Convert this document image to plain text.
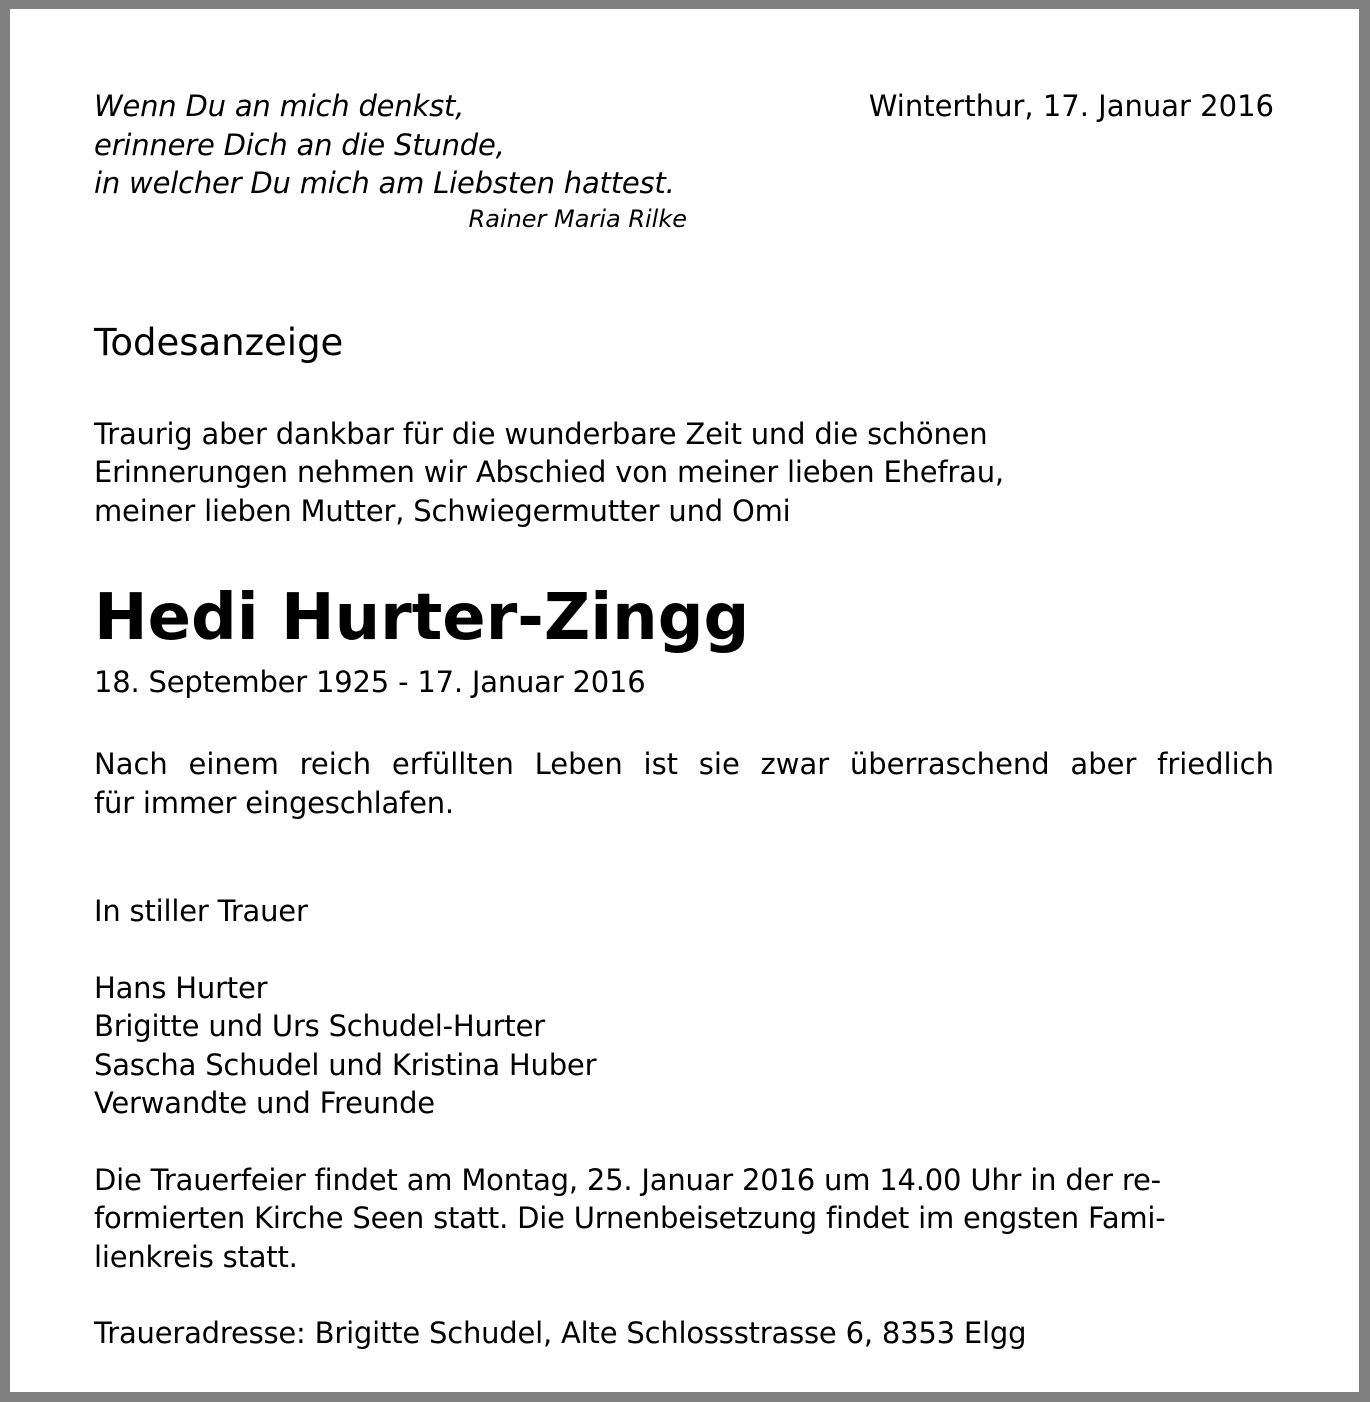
Wenn Du an mich denkst,
erinnere Dich an die Stunde,
in welcher Du mich am Liebsten hattest.
Rainer Maria Rilke
Winterthur, 17. Januar 2016
Todesanzeige
Traurig aber dankbar für die wunderbare Zeit und die schönen
Erinnerungen nehmen wir Abschied von meiner lieben Ehefrau,
meiner lieben Mutter, Schwiegermutter und Omi
Hedi Hurter-Zingg
18. September 1925 - 17. Januar 2016
Nach einem reich erfüllten Leben ist sie zwar überraschend aber friedlich
für immer eingeschlafen.
In stiller Trauer
Hans Hurter
Brigitte und Urs Schudel-Hurter
Sascha Schudel und Kristina Huber
Verwandte und Freunde
Die Trauerfeier findet am Montag, 25. Januar 2016 um 14.00 Uhr in der re-
formierten Kirche Seen statt. Die Urnenbeisetzung findet im engsten Fami-
lienkreis statt.
Traueradresse: Brigitte Schudel, Alte Schlossstrasse 6, 8353 Elgg
